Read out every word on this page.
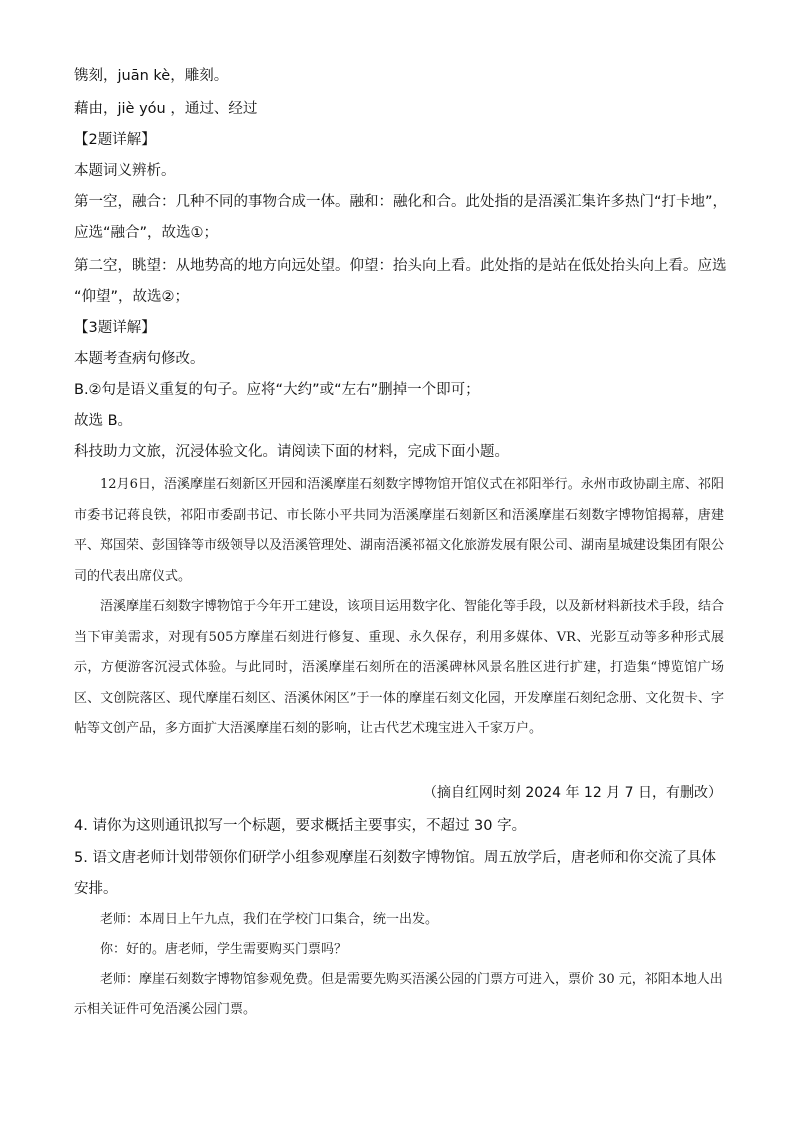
镌刻，juān kè，雕刻。
藉由，jiè yóu ，通过、经过
【2题详解】
本题词义辨析。
第一空，融合：几种不同的事物合成一体。融和：融化和合。此处指的是浯溪汇集许多热门“打卡地”，
应选“融合”，故选①；
第二空，眺望：从地势高的地方向远处望。仰望：抬头向上看。此处指的是站在低处抬头向上看。应选
“仰望”，故选②；
【3题详解】
本题考查病句修改。
B.②句是语义重复的句子。应将“大约”或“左右”删掉一个即可；
故选 B。
科技助力文旅，沉浸体验文化。请阅读下面的材料，完成下面小题。

12月6日，浯溪摩崖石刻新区开园和浯溪摩崖石刻数字博物馆开馆仪式在祁阳举行。永州市政协副主席、祁阳市委书记蒋良铁，祁阳市委副书记、市长陈小平共同为浯溪摩崖石刻新区和浯溪摩崖石刻数字博物馆揭幕，唐建平、郑国荣、彭国锋等市级领导以及浯溪管理处、湖南浯溪祁福文化旅游发展有限公司、湖南星城建设集团有限公司的代表出席仪式。

浯溪摩崖石刻数字博物馆于今年开工建设，该项目运用数字化、智能化等手段，以及新材料新技术手段，结合当下审美需求，对现有505方摩崖石刻进行修复、重现、永久保存，利用多媒体、VR、光影互动等多种形式展示，方便游客沉浸式体验。与此同时，浯溪摩崖石刻所在的浯溪碑林风景名胜区进行扩建，打造集“博览馆广场区、文创院落区、现代摩崖石刻区、浯溪休闲区”于一体的摩崖石刻文化园，开发摩崖石刻纪念册、文化贺卡、字帖等文创产品，多方面扩大浯溪摩崖石刻的影响，让古代艺术瑰宝进入千家万户。

（摘自红网时刻 2024 年 12 月 7 日，有删改）
4. 请你为这则通讯拟写一个标题，要求概括主要事实，不超过 30 字。
5. 语文唐老师计划带领你们研学小组参观摩崖石刻数字博物馆。周五放学后，唐老师和你交流了具体安排。

老师：本周日上午九点，我们在学校门口集合，统一出发。

你：好的。唐老师，学生需要购买门票吗？

老师：摩崖石刻数字博物馆参观免费。但是需要先购买浯溪公园的门票方可进入，票价 30 元，祁阳本地人出示相关证件可免浯溪公园门票。
